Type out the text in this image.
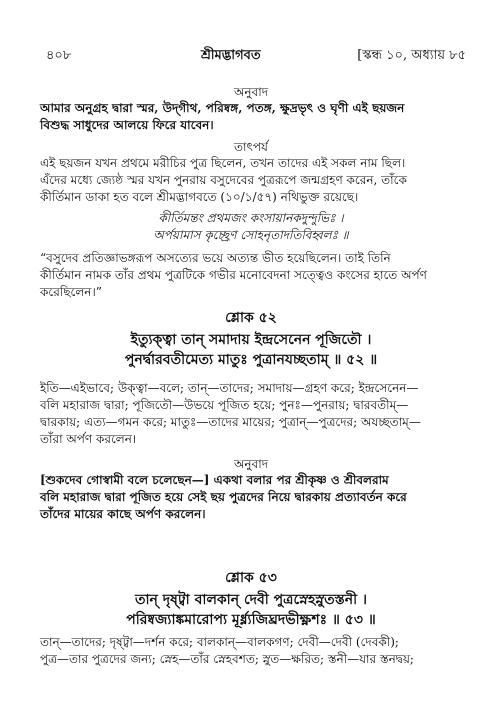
৪০৮	শ্রীমদ্ভাগবত	[স্কন্ধ ১০, অধ্যায় ৮৫
অনুবাদ

আমার অনুগ্রহ দ্বারা স্মর, উদ্‌গীথ, পরিষ্বঙ্গ, পতঙ্গ, ক্ষুদ্রভৃৎ ও ঘৃণী এই ছয়জন

বিশুদ্ধ সাধুদের আলয়ে ফিরে যাবেন।

তাৎপর্য

এই ছয়জন যখন প্রথমে মরীচির পুত্র ছিলেন, তখন তাদের এই সকল নাম ছিল।

এঁদের মধ্যে জ্যেষ্ঠ স্মর যখন পুনরায় বসুদেবের পুত্ররূপে জন্মগ্রহণ করেন, তাঁকে

কীর্তিমান ডাকা হত বলে শ্রীমদ্ভাগবতে (১০/১/৫৭) নথিভুক্ত রয়েছে।

কীর্তিমন্তং প্রথমজং কংসায়ানকদুন্দুভিঃ ।

অর্পয়ামাস কৃচ্ছ্রেণ সোহনৃতাদতিবিহ্বলঃ ॥

“বসুদেব প্রতিজ্ঞাভঙ্গরূপ অসত্যের ভয়ে অত্যন্ত ভীত হয়েছিলেন। তাই তিনি

কীর্তিমান নামক তাঁর প্রথম পুত্রটিকে গভীর মনোবেদনা সত্ত্বেও কংসের হাতে অর্পণ

করেছিলেন।”

শ্লোক ৫২

ইত্যুক্ত্বা তান্ সমাদায় ইন্দ্রসেনেন পূজিতৌ ।

পুনর্দ্বারবতীমেত্য মাতুঃ পুত্রানযচ্ছতাম্ ॥ ৫২ ॥

ইতি—এইভাবে; উক্ত্বা—বলে; তান্—তাদের; সমাদায়—গ্রহণ করে; ইন্দ্রসেনেন—

বলি মহারাজ দ্বারা; পূজিতৌ—উভয়ে পূজিত হয়ে; পুনঃ—পুনরায়; দ্বারবতীম্—

দ্বারকায়; এত্য—গমন করে; মাতুঃ—তাদের মায়ের; পুত্রান্—পুত্রদের; অযচ্ছতাম্—

তাঁরা অর্পণ করলেন।

অনুবাদ

[শুকদেব গোস্বামী বলে চলেছেন—] একথা বলার পর শ্রীকৃষ্ণ ও শ্রীবলরাম

বলি মহারাজ দ্বারা পূজিত হয়ে সেই ছয় পুত্রদের নিয়ে দ্বারকায় প্রত্যাবর্তন করে

তাঁদের মায়ের কাছে অর্পণ করলেন।

শ্লোক ৫৩

তান্ দৃষ্ট্বা বালকান্ দেবী পুত্রস্নেহস্নুতস্তনী ।

পরিষ্বজ্যাঙ্কমারোপ্য মূর্ধ্ন্যজিঘ্রদভীক্ষ্ণশঃ ॥ ৫৩ ॥

তান্—তাদের; দৃষ্ট্বা—দর্শন করে; বালকান্—বালকগণ; দেবী—দেবী (দেবকী);

পুত্র—তার পুত্রদের জন্য; স্নেহ—তাঁর স্নেহবশত; স্নুত—ক্ষরিত; স্তনী—যার স্তনদ্বয়;
